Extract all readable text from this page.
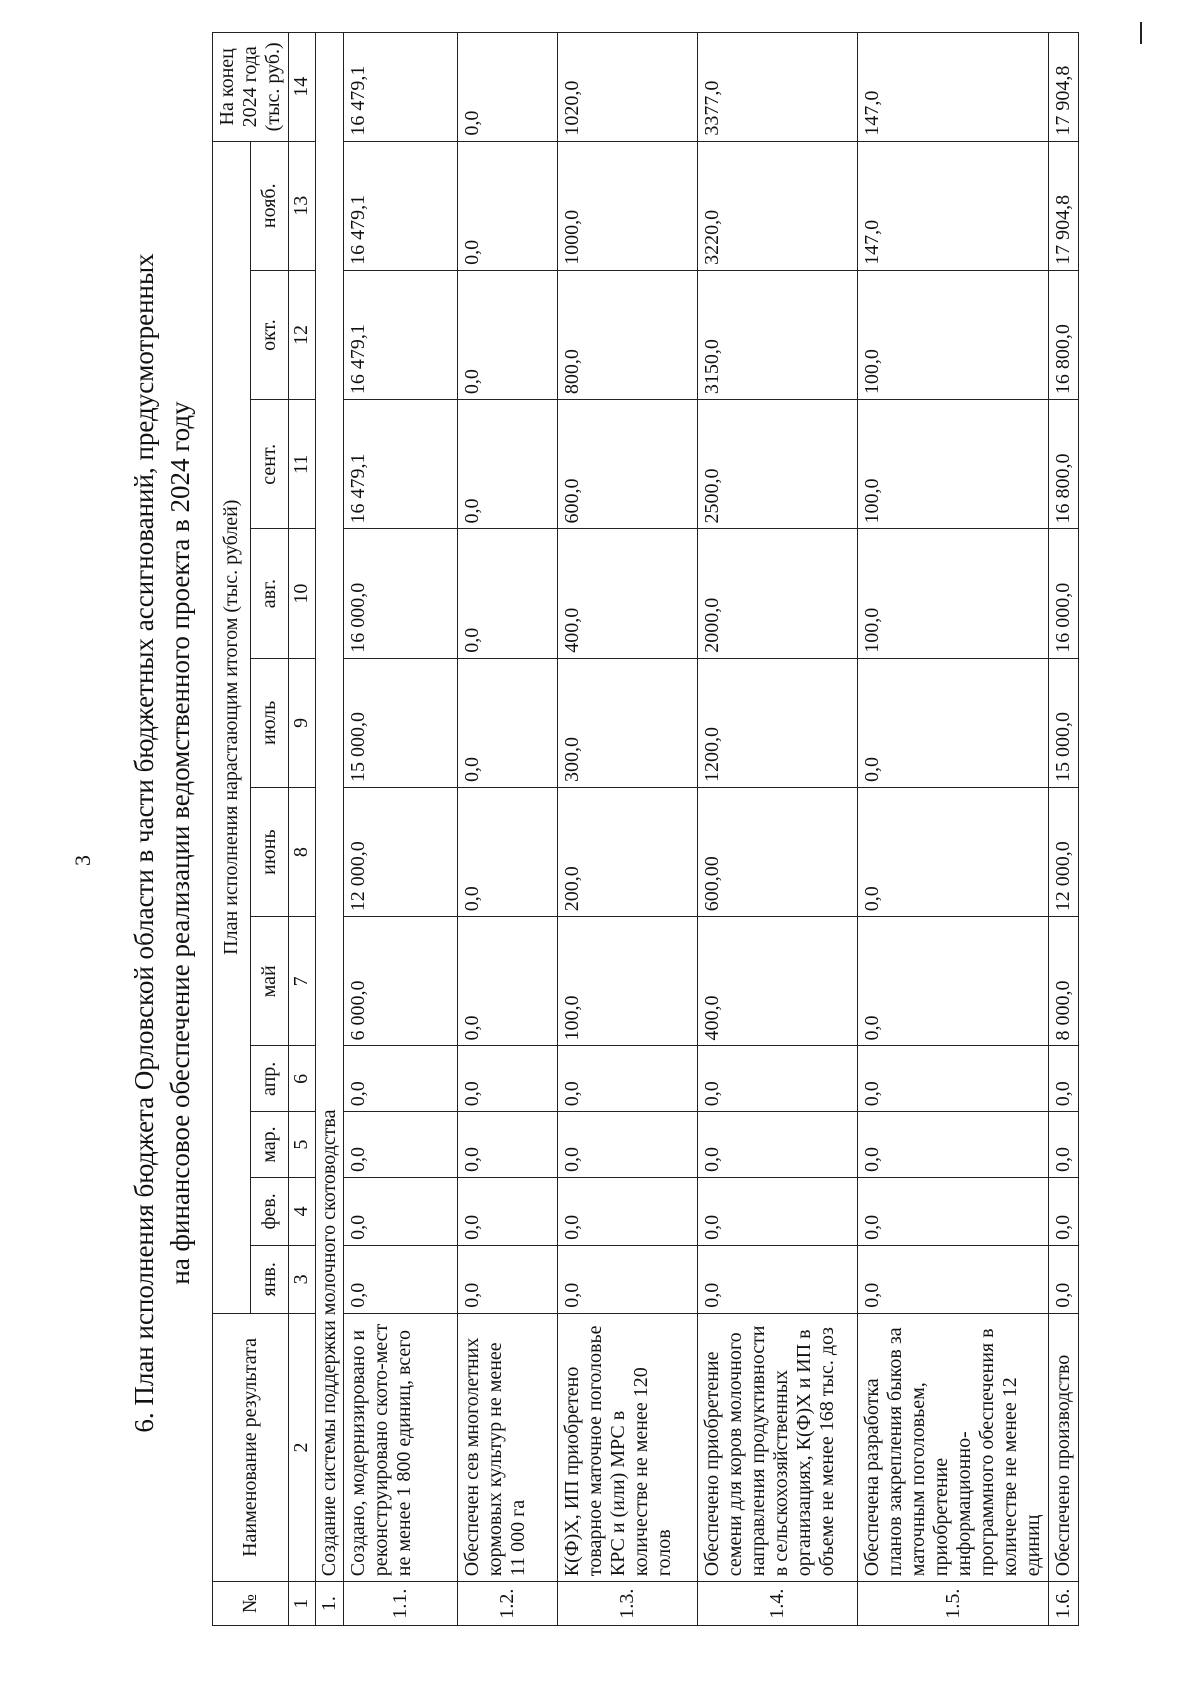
3 6. План исполнения бюджета Орловской области в части бюджетных ассигнований, предусмотренных на финансовое обеспечение реализации ведомственного проекта в 2024 году
№	Наименование результата	План исполнения нарастающим итогом (тыс. рублей)											На конец 2024 года (тыс. руб.)
		янв.	фев.	мар.	апр.	май	июнь	июль	авг.	сент.	окт.	нояб.	
1	2	3	4	5	6	7	8	9	10	11	12	13	14
1.	Создание системы поддержки молочного скотоводства												
1.1.	Создано, модернизировано и реконструировано ското-мест не менее 1 800 единиц, всего	0,0	0,0	0,0	0,0	6 000,0	12 000,0	15 000,0	16 000,0	16 479,1	16 479,1	16 479,1	16 479,1
1.2.	Обеспечен сев многолетних кормовых культур не менее 11 000 га	0,0	0,0	0,0	0,0	0,0	0,0	0,0	0,0	0,0	0,0	0,0	0,0
1.3.	К(Ф)Х, ИП приобретено товарное маточное поголовье КРС и (или) МРС в количестве не менее 120 голов	0,0	0,0	0,0	0,0	100,0	200,0	300,0	400,0	600,0	800,0	1000,0	1020,0
1.4.	Обеспечено приобретение семени для коров молочного направления продуктивности в сельскохозяйственных организациях, К(Ф)Х и ИП в объеме не менее 168 тыс. доз	0,0	0,0	0,0	0,0	400,0	600,00	1200,0	2000,0	2500,0	3150,0	3220,0	3377,0
1.5.	Обеспечена разработка планов закрепления быков за маточным поголовьем, приобретение информационно-программного обеспечения в количестве не менее 12 единиц	0,0	0,0	0,0	0,0	0,0	0,0	0,0	100,0	100,0	100,0	147,0	147,0
1.6.	Обеспечено производство	0,0	0,0	0,0	0,0	8 000,0	12 000,0	15 000,0	16 000,0	16 800,0	16 800,0	17 904,8	17 904,8
